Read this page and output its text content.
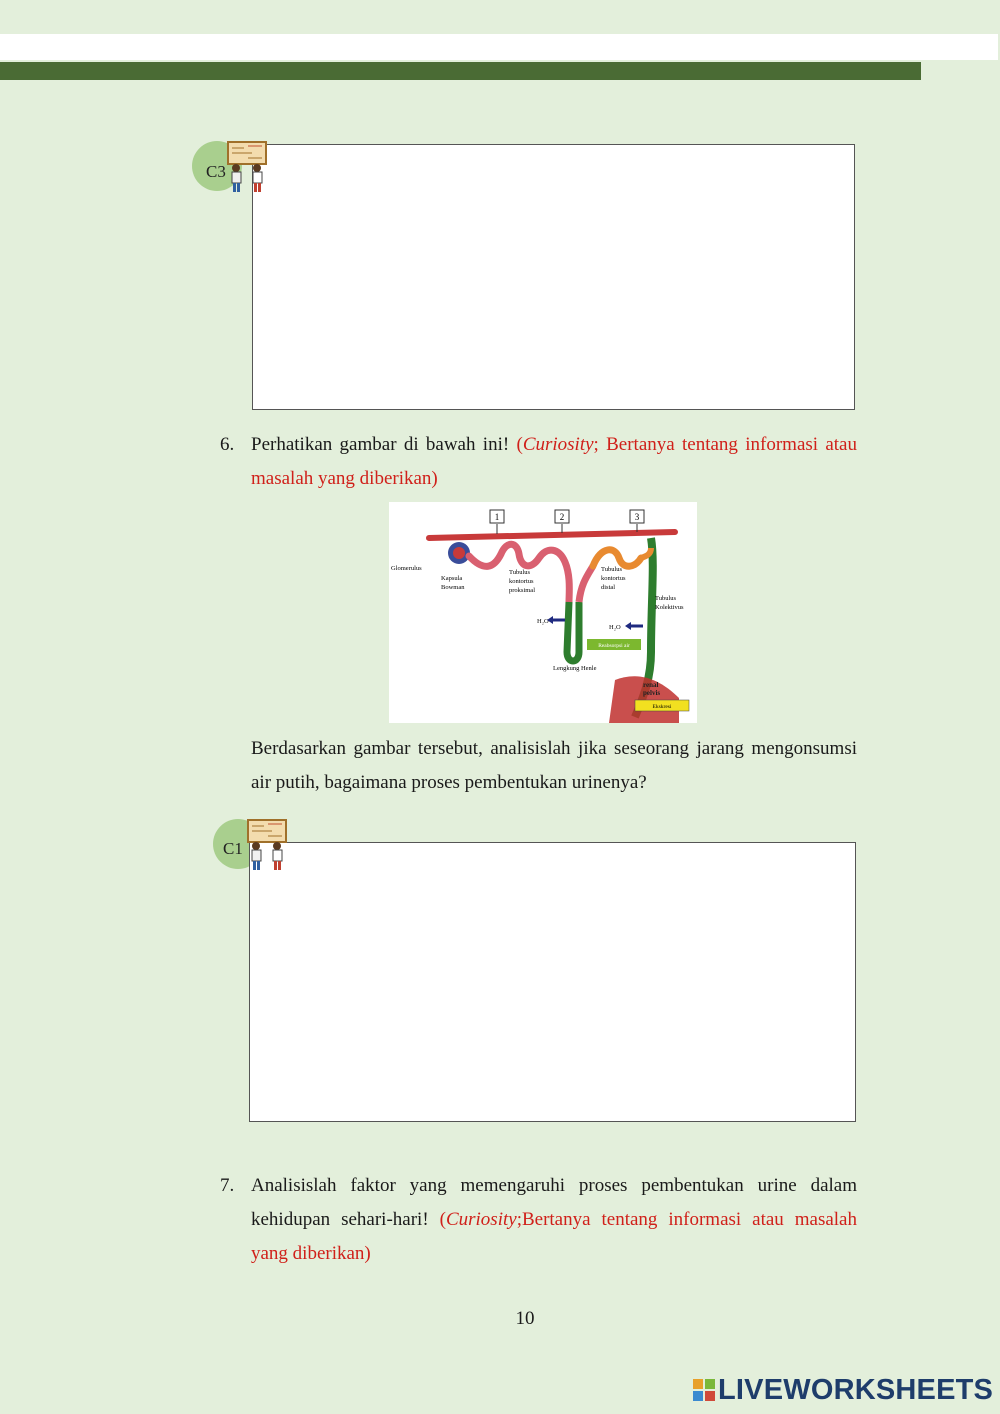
C3
6. Perhatikan gambar di bawah ini! (Curiosity; Bertanya tentang informasi atau masalah yang diberikan)
1	2	3
Glomerulus
Kapsula
Bowman
Tubulus
kontortus
proksimal
Tubulus
kontortus
distal
Tubulus
Kolektivus
Lengkung Henle
H₂O
H₂O
Reabsorpsi air
renal
pelvis
Ekskresi
Berdasarkan gambar tersebut, analisislah jika seseorang jarang mengonsumsi air putih, bagaimana proses pembentukan urinenya?
C1
7. Analisislah faktor yang memengaruhi proses pembentukan urine dalam kehidupan sehari-hari! (Curiosity;Bertanya tentang informasi atau masalah yang diberikan)
10
LIVEWORKSHEETS
